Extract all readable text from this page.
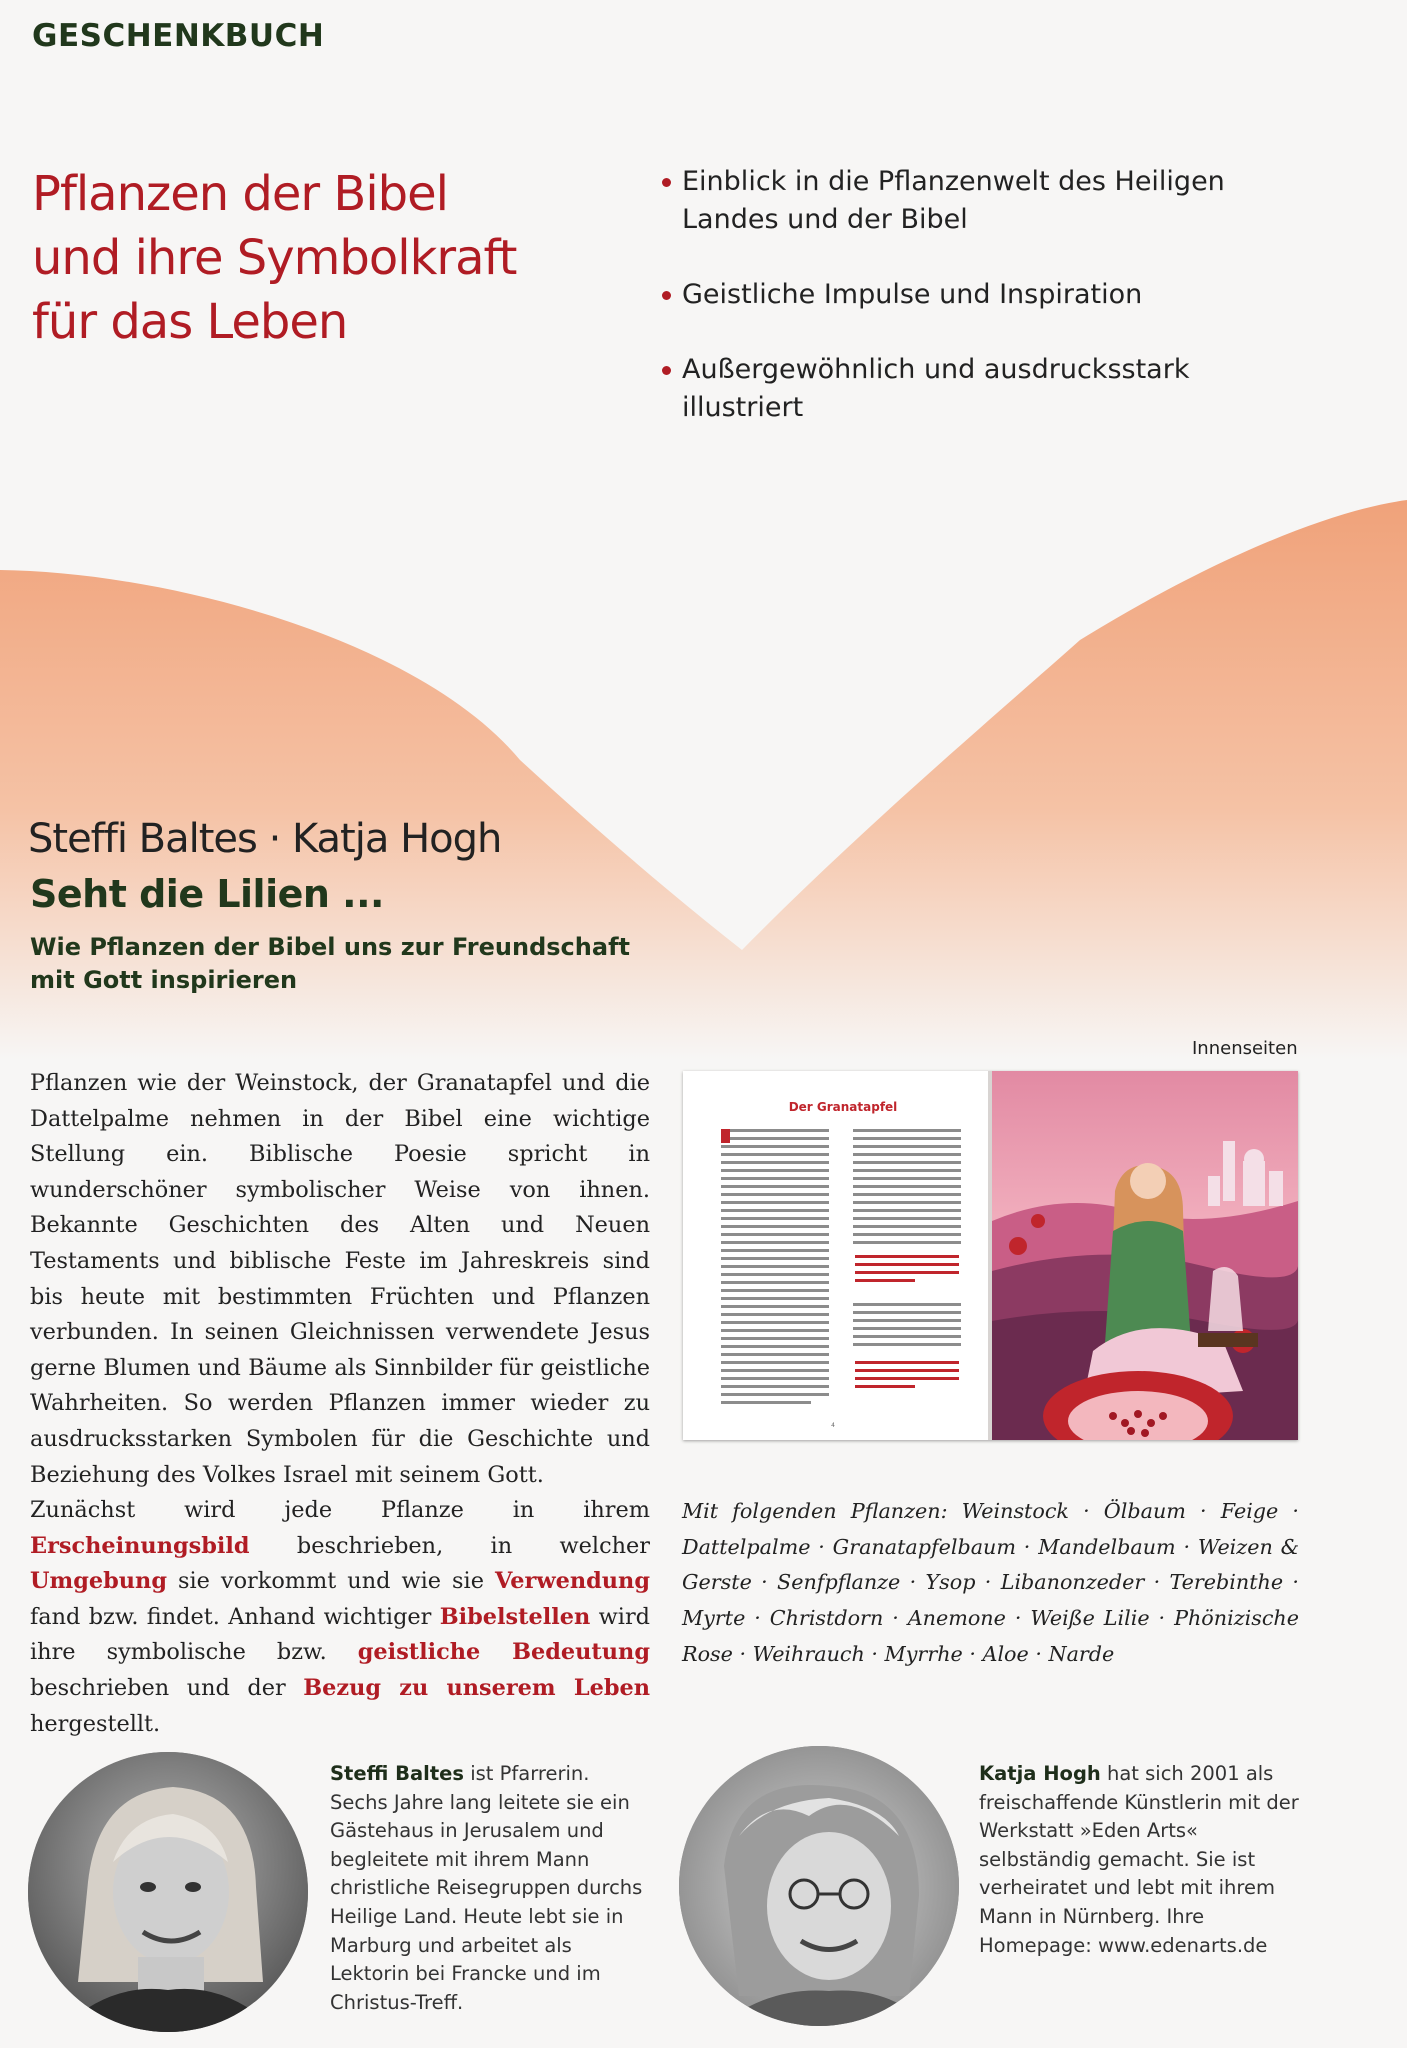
GESCHENKBUCH
Pflanzen der Bibel
und ihre Symbolkraft
für das Leben
Einblick in die Pflanzenwelt des Heiligen Landes und der Bibel
Geistliche Impulse und Inspiration
Außergewöhnlich und ausdrucksstark illustriert
Steffi Baltes · Katja Hogh
Seht die Lilien ...
Wie Pflanzen der Bibel uns zur Freundschaft
mit Gott inspirieren

Pflanzen wie der Weinstock, der Granatapfel und die Dattelpalme nehmen in der Bibel eine wichtige Stellung ein. Biblische Poesie spricht in wunderschöner symbolischer Weise von ihnen. Bekannte Geschichten des Alten und Neuen Testaments und biblische Feste im Jahreskreis sind bis heute mit bestimmten Früchten und Pflanzen verbunden. In seinen Gleichnissen verwendete Jesus gerne Blumen und Bäume als Sinnbilder für geistliche Wahrheiten. So werden Pflanzen immer wieder zu ausdrucksstarken Symbolen für die Geschichte und Beziehung des Volkes Israel mit seinem Gott.

Zunächst wird jede Pflanze in ihrem Erscheinungsbild beschrieben, in welcher Umgebung sie vorkommt und wie sie Verwendung fand bzw. findet. Anhand wichtiger Bibelstellen wird ihre symbolische bzw. geistliche Bedeutung beschrieben und der Bezug zu unserem Leben hergestellt.

Innenseiten
Der Granatapfel
4

Mit folgenden Pflanzen: Weinstock · Ölbaum · Feige · Dattelpalme · Granatapfelbaum · Mandelbaum · Weizen & Gerste · Senfpflanze · Ysop · Libanonzeder · Terebinthe · Myrte · Christdorn · Anemone · Weiße Lilie · Phönizische Rose · Weihrauch · Myrrhe · Aloe · Narde

Steffi Baltes ist Pfarrerin. Sechs Jahre lang leitete sie ein Gästehaus in Jerusalem und begleitete mit ihrem Mann christliche Reisegruppen durchs Heilige Land. Heute lebt sie in Marburg und arbeitet als Lektorin bei Francke und im Christus-Treff.

Katja Hogh hat sich 2001 als freischaffende Künstlerin mit der Werkstatt »Eden Arts« selbständig gemacht. Sie ist verheiratet und lebt mit ihrem Mann in Nürnberg. Ihre Homepage: www.edenarts.de
